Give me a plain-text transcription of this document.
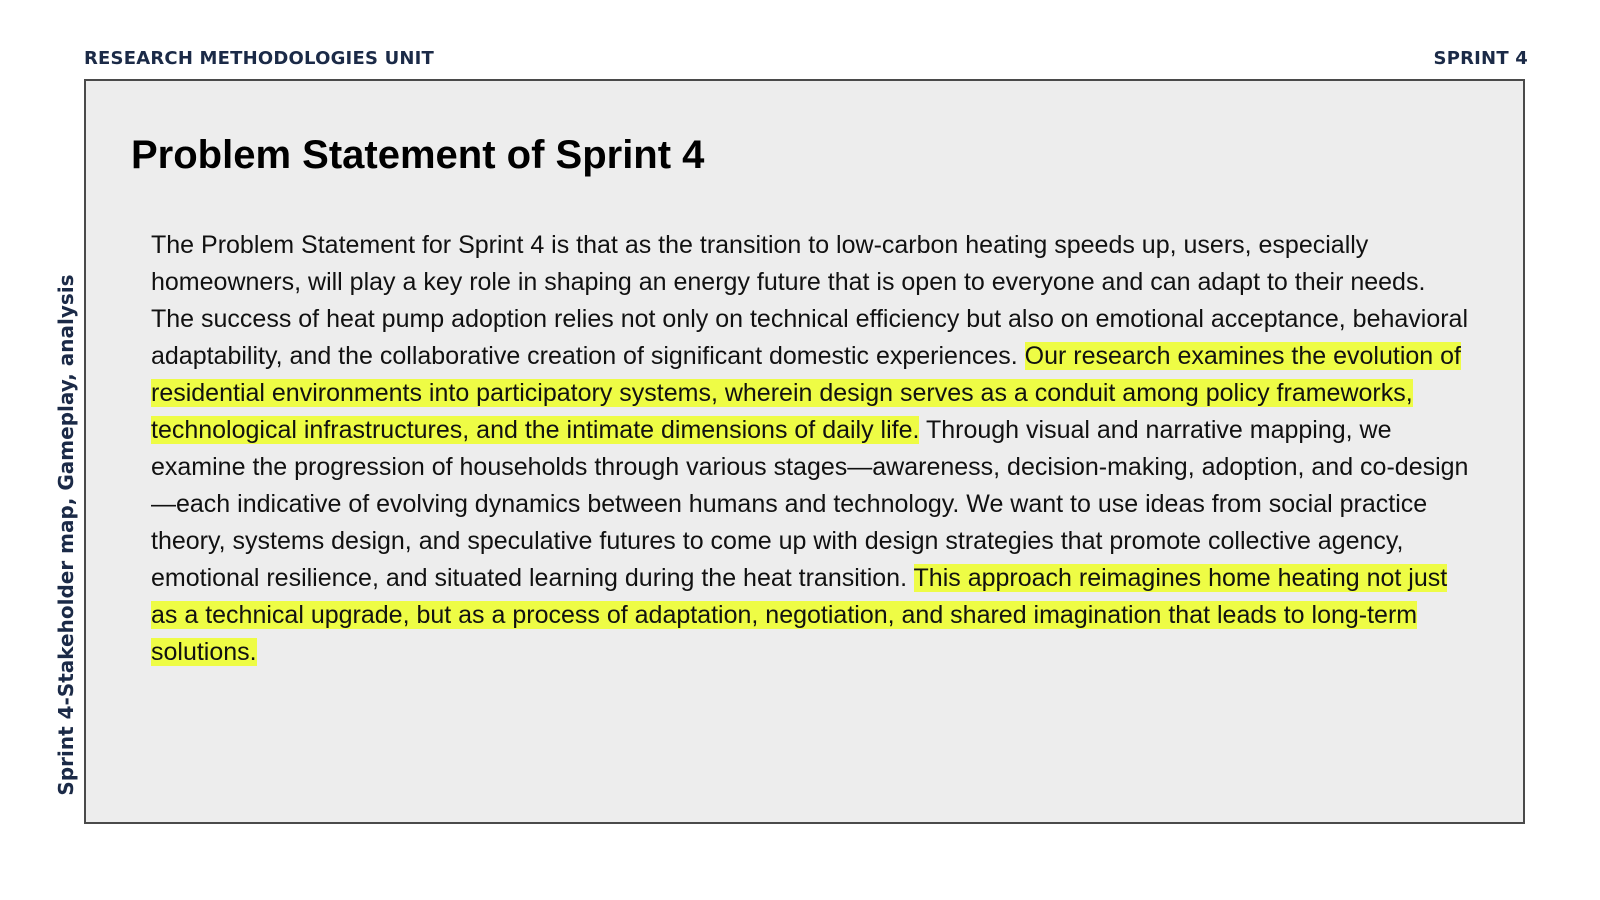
RESEARCH METHODOLOGIES UNIT	SPRINT 4
Sprint 4-Stakeholder map, Gameplay, analysis
Problem Statement of Sprint 4

The Problem Statement for Sprint 4 is that as the transition to low-carbon heating speeds up, users, especially homeowners, will play a key role in shaping an energy future that is open to everyone and can adapt to their needs. The success of heat pump adoption relies not only on technical efficiency but also on emotional acceptance, behavioral adaptability, and the collaborative creation of significant domestic experiences. Our research examines the evolution of residential environments into participatory systems, wherein design serves as a conduit among policy frameworks, technological infrastructures, and the intimate dimensions of daily life. Through visual and narrative mapping, we examine the progression of households through various stages—awareness, decision-making, adoption, and co-design—each indicative of evolving dynamics between humans and technology. We want to use ideas from social practice theory, systems design, and speculative futures to come up with design strategies that promote collective agency, emotional resilience, and situated learning during the heat transition. This approach reimagines home heating not just as a technical upgrade, but as a process of adaptation, negotiation, and shared imagination that leads to long-term solutions.
